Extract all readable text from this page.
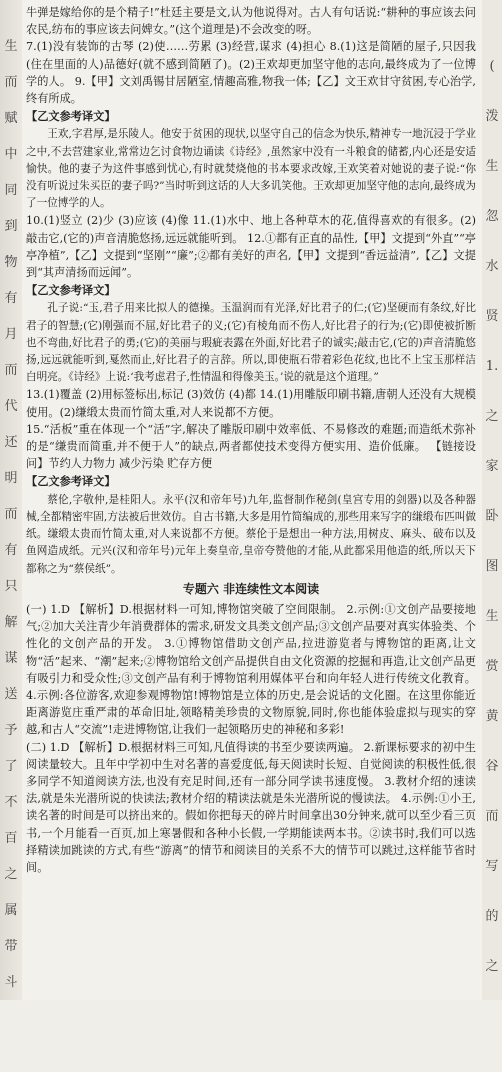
生
而
赋
中
同
到
物
有
月
而
代
还
明
而
有
只
解
谋
送
予
了
不
百
之
属
带
斗
(
泼
生
忽
水
贤
1.
之
家
卧
图
生
赏
黄
谷
而
写
的
之

牛弹是嫁给你的是个精子!”杜廷主要是文,认为他说得对。古人有句话说:“耕种的事应该去问农民,纺布的事应该去问婢女。”(这个道理是)不会改变的呀。

7.(1)没有装饰的古琴 (2)使……劳累 (3)经营,谋求 (4)担心 8.(1)这是简陋的屋子,只因我(住在里面的人)品德好(就不感到简陋了)。(2)王欢却更加坚守他的志向,最终成为了一位博学的人。 9.【甲】文刘禹锡甘居陋室,情趣高雅,物我一体;【乙】文王欢甘守贫困,专心治学,终有所成。

【乙文参考译文】

王欢,字君厚,是乐陵人。他安于贫困的现状,以坚守自己的信念为快乐,精神专一地沉浸于学业之中,不去营建家业,常常边乞讨食物边诵读《诗经》,虽然家中没有一斗粮食的储蓄,内心还是安适愉快。他的妻子为这件事感到忧心,有时就焚烧他的书本要求改嫁,王欢笑着对她说的妻子说:“你没有听说过朱买臣的妻子吗?”当时听到这话的人大多讥笑他。王欢却更加坚守他的志向,最终成为了一位博学的人。

10.(1)竖立 (2)少 (3)应该 (4)像 11.(1)水中、地上各种草木的花,值得喜欢的有很多。(2)敲击它,(它的)声音清脆悠扬,远远就能听到。 12.①都有正直的品性,【甲】文提到“外直”“亭亭净植”,【乙】文提到“坚刚”“廉”;②都有美好的声名,【甲】文提到“香远益清”,【乙】文提到“其声清扬而远闻”。

【乙文参考译文】

孔子说:“玉,君子用来比拟人的德操。玉温润而有光泽,好比君子的仁;(它)坚硬而有条纹,好比君子的智慧;(它)刚强而不屈,好比君子的义;(它)有棱角而不伤人,好比君子的行为;(它)即使被折断也不弯曲,好比君子的勇;(它)的美丽与瑕疵表露在外面,好比君子的诚实;敲击它,(它的)声音清脆悠扬,远远就能听到,戛然而止,好比君子的言辞。所以,即使瓶石带着彩色花纹,也比不上宝玉那样洁白明亮。《诗经》上说:‘我考虑君子,性情温和得像美玉。’说的就是这个道理。”

13.(1)覆盖 (2)用标签标出,标记 (3)效仿 (4)都 14.(1)用雕版印刷书籍,唐朝人还没有大规模使用。(2)缣缎太贵而竹简太重,对人来说都不方便。

15.“活板”重在体现一个“活”字,解决了雕版印刷中效率低、不易修改的难题;而造纸术弥补的是“缣贵而简重,并不便于人”的缺点,两者都使技术变得方便实用、造价低廉。 【链接设问】节约人力物力 减少污染 贮存方便

【乙文参考译文】

蔡伦,字敬仲,是桂阳人。永平(汉和帝年号)九年,监督制作秘剑(皇宫专用的剑器)以及各种器械,全都精密牢固,方法被后世效仿。自古书籍,大多是用竹简编成的,那些用来写字的缣缎布匹叫做纸。缣缎太贵而竹简太重,对人来说都不方便。蔡伦于是想出一种方法,用树皮、麻头、破布以及鱼网造成纸。元兴(汉和帝年号)元年上奏皇帝,皇帝夸赞他的才能,从此都采用他造的纸,所以天下都称之为“蔡侯纸”。

专题六 非连续性文本阅读

(一) 1.D 【解析】D.根据材料一可知,博物馆突破了空间限制。 2.示例:①文创产品要接地气;②加大关注青少年消费群体的需求,研发文具类文创产品;③文创产品要对真实体验类、个性化的文创产品的开发。 3.①博物馆借助文创产品,拉进游览者与博物馆的距离,让文物“活”起来、“潮”起来;②博物馆给文创产品提供自由文化资源的挖掘和再造,让文创产品更有吸引力和受众性;③文创产品有利于博物馆利用媒体平台和向年轻人进行传统文化教育。 4.示例:各位游客,欢迎参观博物馆!博物馆是立体的历史,是会说话的文化圈。在这里你能近距离游览庄重严肃的革命旧址,领略精美珍贵的文物原貌,同时,你也能体验虚拟与现实的穿越,和古人“交流”!走进博物馆,让我们一起领略历史的神秘和多彩!

(二) 1.D 【解析】D.根据材料三可知,凡值得读的书至少要读两遍。 2.新课标要求的初中生阅读量较大。且年中学初中生对名著的喜爱度低,每天阅读时长短、自觉阅读的积极性低,很多同学不知道阅读方法,也没有充足时间,还有一部分同学读书速度慢。 3.教材介绍的速读法,就是朱光潜所说的快读法;教材介绍的精读法就是朱光潜所说的慢读法。 4.示例:①小王,读名著的时间是可以挤出来的。假如你把每天的碎片时间拿出30分钟来,就可以至少看三页书,一个月能看一百页,加上寒暑假和各种小长假,一学期能读两本书。②读书时,我们可以选择精读加跳读的方式,有些“游离”的情节和阅读目的关系不大的情节可以跳过,这样能节省时间。
